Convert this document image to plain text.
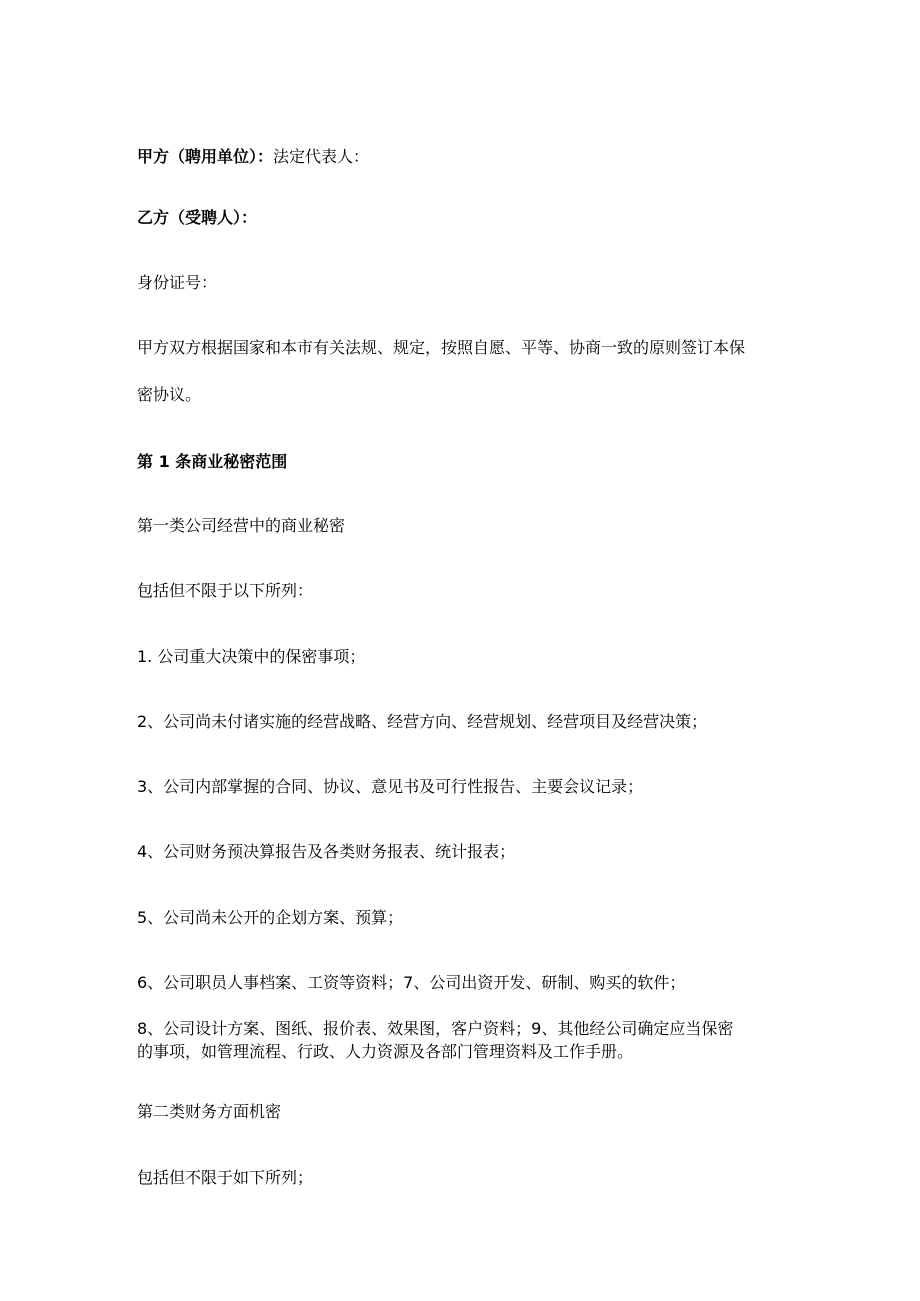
甲方（聘用单位）：法定代表人：

乙方（受聘人）：

身份证号：

甲方双方根据国家和本市有关法规、规定，按照自愿、平等、协商一致的原则签订本保

密协议。

第 1 条商业秘密范围

第一类公司经营中的商业秘密

包括但不限于以下所列：

1. 公司重大决策中的保密事项；

2、公司尚未付诸实施的经营战略、经营方向、经营规划、经营项目及经营决策；

3、公司内部掌握的合同、协议、意见书及可行性报告、主要会议记录；

4、公司财务预决算报告及各类财务报表、统计报表；

5、公司尚未公开的企划方案、预算；

6、公司职员人事档案、工资等资料；7、公司出资开发、研制、购买的软件；

8、公司设计方案、图纸、报价表、效果图，客户资料；9、其他经公司确定应当保密

的事项，如管理流程、行政、人力资源及各部门管理资料及工作手册。

第二类财务方面机密

包括但不限于如下所列；
